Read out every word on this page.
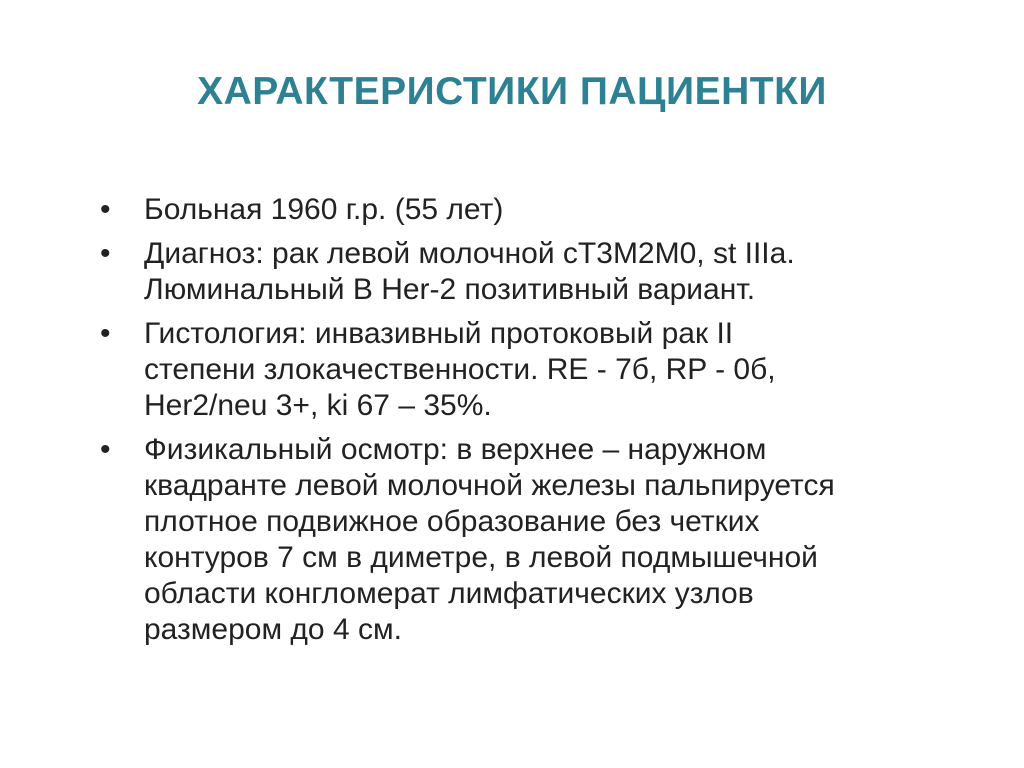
ХАРАКТЕРИСТИКИ ПАЦИЕНТКИ
•	Больная 1960 г.р. (55 лет)
•	Диагноз: рак левой молочной cT3M2M0, st IIIa.
Люминальный В Her-2 позитивный вариант.
•	Гистология: инвазивный протоковый рак II
степени злокачественности. RE - 7б, RP - 0б,
Her2/neu 3+, ki 67 – 35%.
•	Физикальный осмотр: в верхнее – наружном
квадранте левой молочной железы пальпируется
плотное подвижное образование без четких
контуров 7 см в диметре, в левой подмышечной
области конгломерат лимфатических узлов
размером до 4 см.
